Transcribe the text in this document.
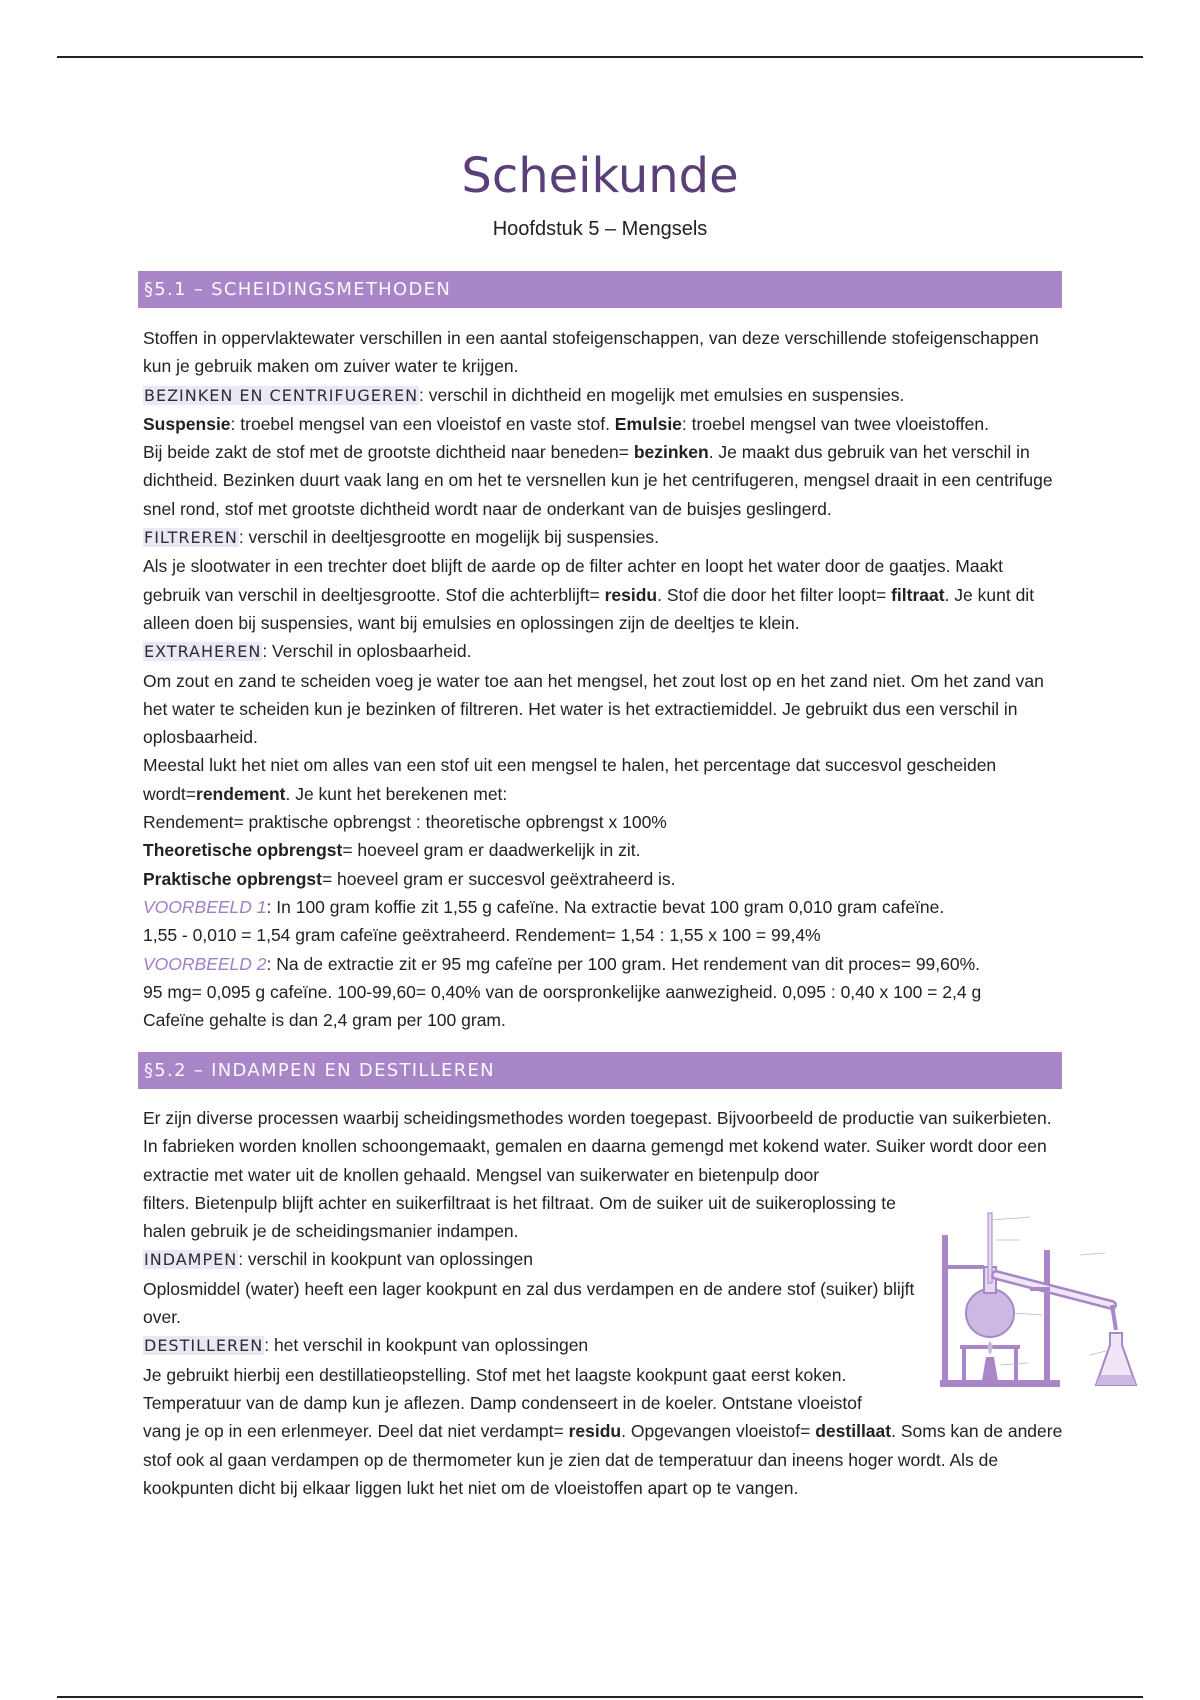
Scheikunde
Hoofdstuk 5 – Mengsels
§5.1 – SCHEIDINGSMETHODEN

Stoffen in oppervlaktewater verschillen in een aantal stofeigenschappen, van deze verschillende stofeigenschappen kun je gebruik maken om zuiver water te krijgen.

BEZINKEN EN CENTRIFUGEREN: verschil in dichtheid en mogelijk met emulsies en suspensies.

Suspensie: troebel mengsel van een vloeistof en vaste stof. Emulsie: troebel mengsel van twee vloeistoffen.

Bij beide zakt de stof met de grootste dichtheid naar beneden= bezinken. Je maakt dus gebruik van het verschil in dichtheid. Bezinken duurt vaak lang en om het te versnellen kun je het centrifugeren, mengsel draait in een centrifuge snel rond, stof met grootste dichtheid wordt naar de onderkant van de buisjes geslingerd.

FILTREREN: verschil in deeltjesgrootte en mogelijk bij suspensies.

Als je slootwater in een trechter doet blijft de aarde op de filter achter en loopt het water door de gaatjes. Maakt gebruik van verschil in deeltjesgrootte. Stof die achterblijft= residu. Stof die door het filter loopt= filtraat. Je kunt dit alleen doen bij suspensies, want bij emulsies en oplossingen zijn de deeltjes te klein.

EXTRAHEREN: Verschil in oplosbaarheid.

Om zout en zand te scheiden voeg je water toe aan het mengsel, het zout lost op en het zand niet. Om het zand van het water te scheiden kun je bezinken of filtreren. Het water is het extractiemiddel. Je gebruikt dus een verschil in oplosbaarheid.

Meestal lukt het niet om alles van een stof uit een mengsel te halen, het percentage dat succesvol gescheiden wordt=rendement. Je kunt het berekenen met:

Rendement= praktische opbrengst : theoretische opbrengst x 100%

Theoretische opbrengst= hoeveel gram er daadwerkelijk in zit.

Praktische opbrengst= hoeveel gram er succesvol geëxtraheerd is.

VOORBEELD 1: In 100 gram koffie zit 1,55 g cafeïne. Na extractie bevat 100 gram 0,010 gram cafeïne.

1,55 - 0,010 = 1,54 gram cafeïne geëxtraheerd. Rendement= 1,54 : 1,55 x 100 = 99,4%

VOORBEELD 2: Na de extractie zit er 95 mg cafeïne per 100 gram. Het rendement van dit proces= 99,60%.

95 mg= 0,095 g cafeïne. 100-99,60= 0,40% van de oorspronkelijke aanwezigheid. 0,095 : 0,40 x 100 = 2,4 g

Cafeïne gehalte is dan 2,4 gram per 100 gram.

§5.2 – INDAMPEN EN DESTILLEREN

Er zijn diverse processen waarbij scheidingsmethodes worden toegepast. Bijvoorbeeld de productie van suikerbieten. In fabrieken worden knollen schoongemaakt, gemalen en daarna gemengd met kokend water. Suiker wordt door een extractie met water uit de knollen gehaald. Mengsel van suikerwater en bietenpulp door

filters. Bietenpulp blijft achter en suikerfiltraat is het filtraat. Om de suiker uit de suikeroplossing te halen gebruik je de scheidingsmanier indampen.

INDAMPEN: verschil in kookpunt van oplossingen

Oplosmiddel (water) heeft een lager kookpunt en zal dus verdampen en de andere stof (suiker) blijft over.

DESTILLEREN: het verschil in kookpunt van oplossingen

Je gebruikt hierbij een destillatieopstelling. Stof met het laagste kookpunt gaat eerst koken. Temperatuur van de damp kun je aflezen. Damp condenseert in de koeler. Ontstane vloeistof

vang je op in een erlenmeyer. Deel dat niet verdampt= residu. Opgevangen vloeistof= destillaat. Soms kan de andere stof ook al gaan verdampen op de thermometer kun je zien dat de temperatuur dan ineens hoger wordt. Als de kookpunten dicht bij elkaar liggen lukt het niet om de vloeistoffen apart op te vangen.
